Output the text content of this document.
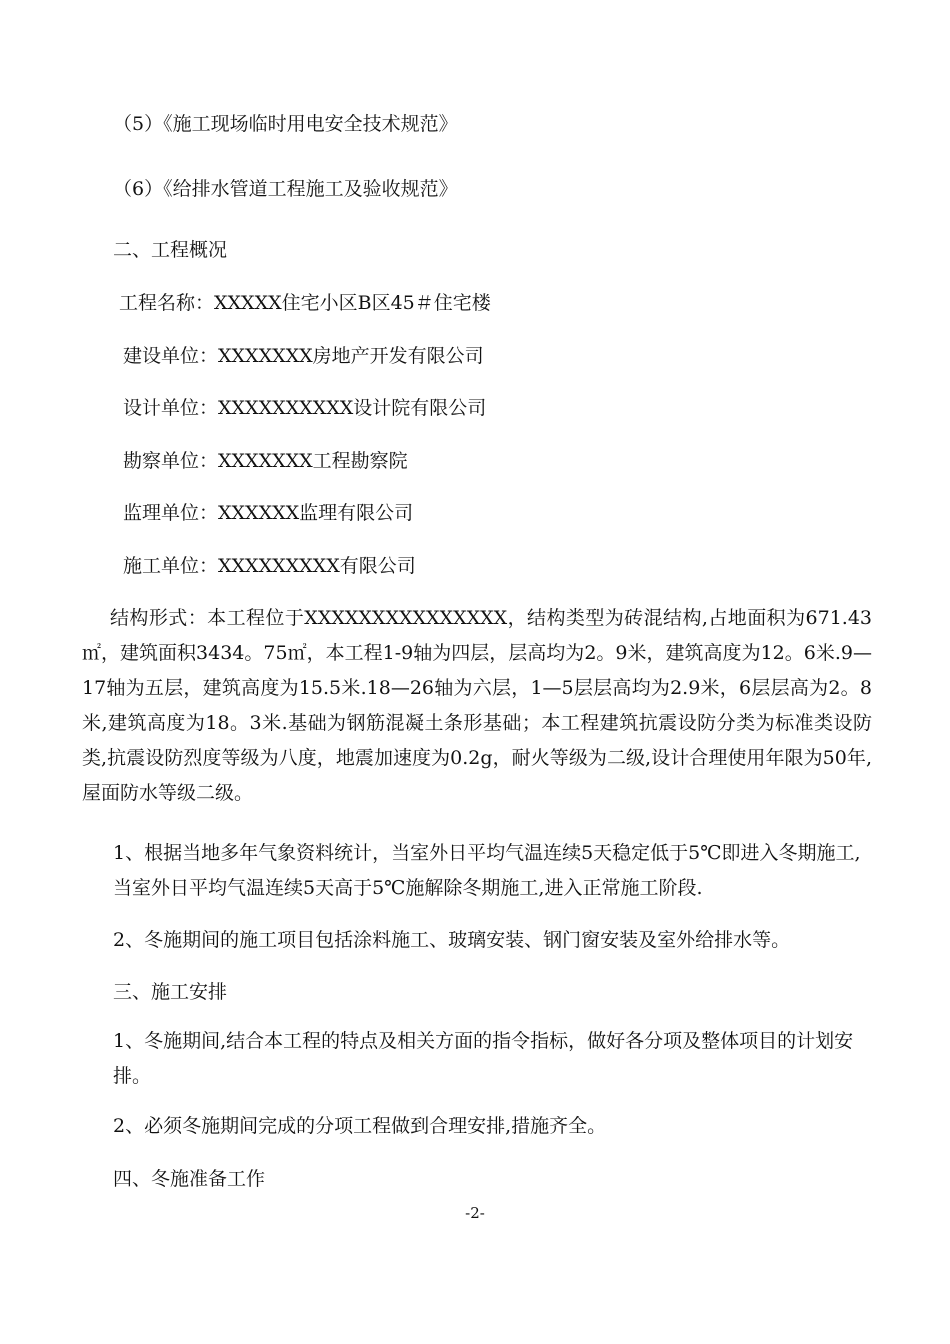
（5）《施工现场临时用电安全技术规范》
（6）《给排水管道工程施工及验收规范》
二、工程概况
工程名称：XXXXX住宅小区B区45＃住宅楼
建设单位：XXXXXXX房地产开发有限公司
设计单位：XXXXXXXXXX设计院有限公司
勘察单位：XXXXXXX工程勘察院
监理单位：XXXXXX监理有限公司
施工单位：XXXXXXXXX有限公司
结构形式：本工程位于XXXXXXXXXXXXXXX，结构类型为砖混结构,占地面积为671.43㎡，建筑面积3434。75㎡，本工程1-9轴为四层，层高均为2。9米，建筑高度为12。6米.9—17轴为五层，建筑高度为15.5米.18—26轴为六层，1—5层层高均为2.9米，6层层高为2。8米,建筑高度为18。3米.基础为钢筋混凝土条形基础；本工程建筑抗震设防分类为标准类设防类,抗震设防烈度等级为八度，地震加速度为0.2g，耐火等级为二级,设计合理使用年限为50年,屋面防水等级二级。
1、根据当地多年气象资料统计，当室外日平均气温连续5天稳定低于5℃即进入冬期施工,当室外日平均气温连续5天高于5℃施解除冬期施工,进入正常施工阶段.
2、冬施期间的施工项目包括涂料施工、玻璃安装、钢门窗安装及室外给排水等。
三、施工安排
1、冬施期间,结合本工程的特点及相关方面的指令指标，做好各分项及整体项目的计划安排。
2、必须冬施期间完成的分项工程做到合理安排,措施齐全。
四、冬施准备工作
-2-
